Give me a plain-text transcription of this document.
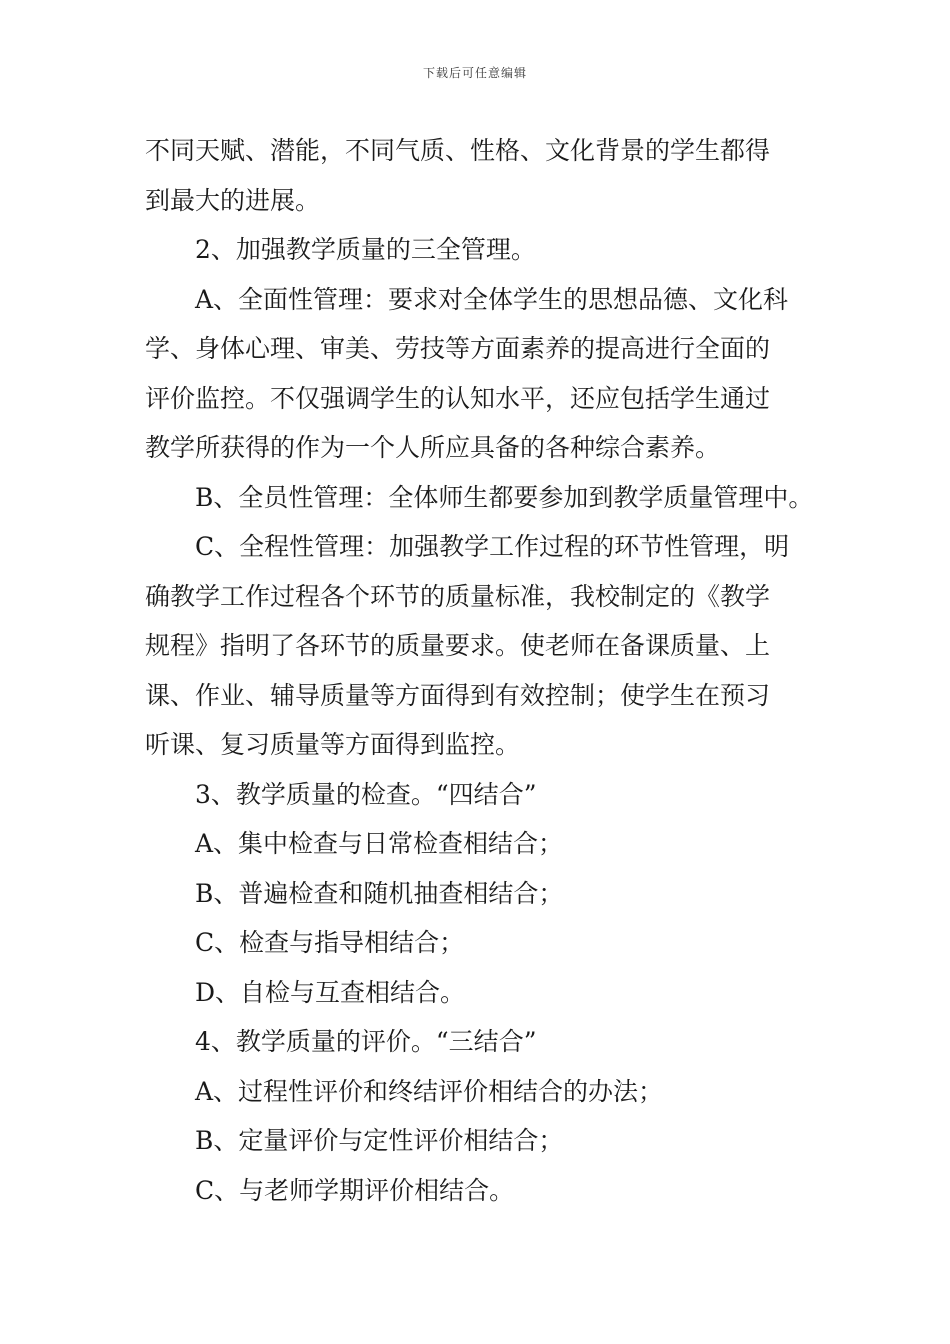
下载后可任意编辑

不同天赋、潜能，不同气质、性格、文化背景的学生都得

到最大的进展。

2、加强教学质量的三全管理。

A、全面性管理：要求对全体学生的思想品德、文化科

学、身体心理、审美、劳技等方面素养的提高进行全面的

评价监控。不仅强调学生的认知水平，还应包括学生通过

教学所获得的作为一个人所应具备的各种综合素养。

B、全员性管理：全体师生都要参加到教学质量管理中。

C、全程性管理：加强教学工作过程的环节性管理，明

确教学工作过程各个环节的质量标准，我校制定的《教学

规程》指明了各环节的质量要求。使老师在备课质量、上

课、作业、辅导质量等方面得到有效控制；使学生在预习

听课、复习质量等方面得到监控。

3、教学质量的检查。“四结合”

A、集中检查与日常检查相结合；

B、普遍检查和随机抽查相结合；

C、检查与指导相结合；

D、自检与互查相结合。

4、教学质量的评价。“三结合”

A、过程性评价和终结评价相结合的办法；

B、定量评价与定性评价相结合；

C、与老师学期评价相结合。
